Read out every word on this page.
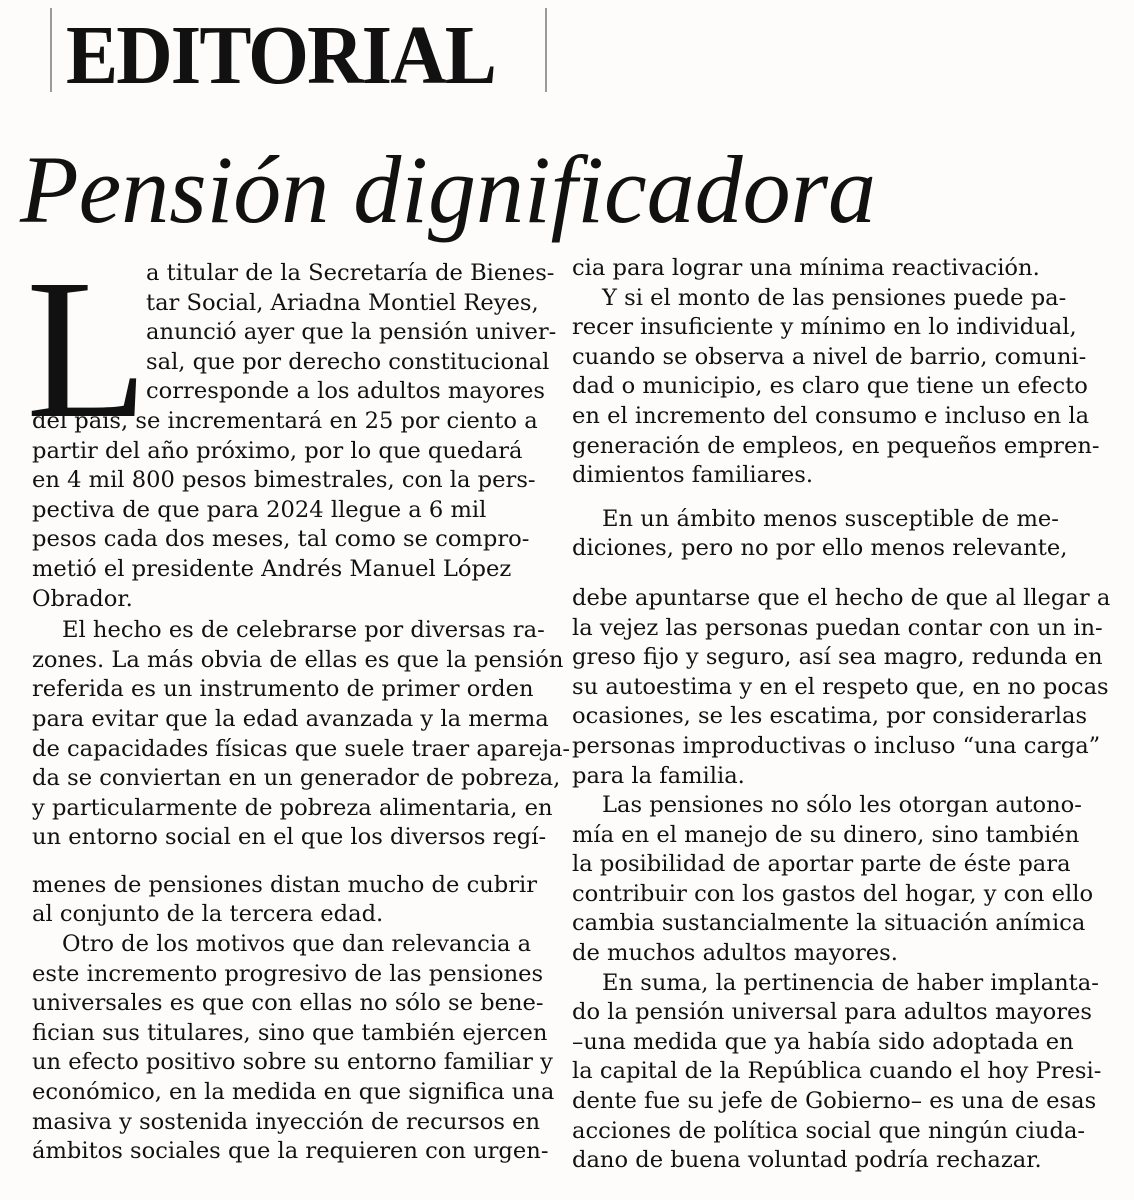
EDITORIAL
Pensión dignificadora
L

a titular de la Secretaría de Bienes-
tar Social, Ariadna Montiel Reyes,
anunció ayer que la pensión univer-
sal, que por derecho constitucional
corresponde a los adultos mayores
del país, se incrementará en 25 por ciento a
partir del año próximo, por lo que quedará
en 4 mil 800 pesos bimestrales, con la pers-
pectiva de que para 2024 llegue a 6 mil
pesos cada dos meses, tal como se compro-
metió el presidente Andrés Manuel López
Obrador.

El hecho es de celebrarse por diversas ra-
zones. La más obvia de ellas es que la pensión
referida es un instrumento de primer orden
para evitar que la edad avanzada y la merma
de capacidades físicas que suele traer apareja-
da se conviertan en un generador de pobreza,
y particularmente de pobreza alimentaria, en
un entorno social en el que los diversos regí-

menes de pensiones distan mucho de cubrir
al conjunto de la tercera edad.

Otro de los motivos que dan relevancia a
este incremento progresivo de las pensiones
universales es que con ellas no sólo se bene-
fician sus titulares, sino que también ejercen
un efecto positivo sobre su entorno familiar y
económico, en la medida en que significa una
masiva y sostenida inyección de recursos en
ámbitos sociales que la requieren con urgen-

cia para lograr una mínima reactivación.

Y si el monto de las pensiones puede pa-
recer insuficiente y mínimo en lo individual,
cuando se observa a nivel de barrio, comuni-
dad o municipio, es claro que tiene un efecto
en el incremento del consumo e incluso en la
generación de empleos, en pequeños empren-
dimientos familiares.

En un ámbito menos susceptible de me-
diciones, pero no por ello menos relevante,

debe apuntarse que el hecho de que al llegar a
la vejez las personas puedan contar con un in-
greso fijo y seguro, así sea magro, redunda en
su autoestima y en el respeto que, en no pocas
ocasiones, se les escatima, por considerarlas
personas improductivas o incluso “una carga”
para la familia.

Las pensiones no sólo les otorgan autono-
mía en el manejo de su dinero, sino también
la posibilidad de aportar parte de éste para
contribuir con los gastos del hogar, y con ello
cambia sustancialmente la situación anímica
de muchos adultos mayores.

En suma, la pertinencia de haber implanta-
do la pensión universal para adultos mayores
–una medida que ya había sido adoptada en
la capital de la República cuando el hoy Presi-
dente fue su jefe de Gobierno– es una de esas
acciones de política social que ningún ciuda-
dano de buena voluntad podría rechazar.
